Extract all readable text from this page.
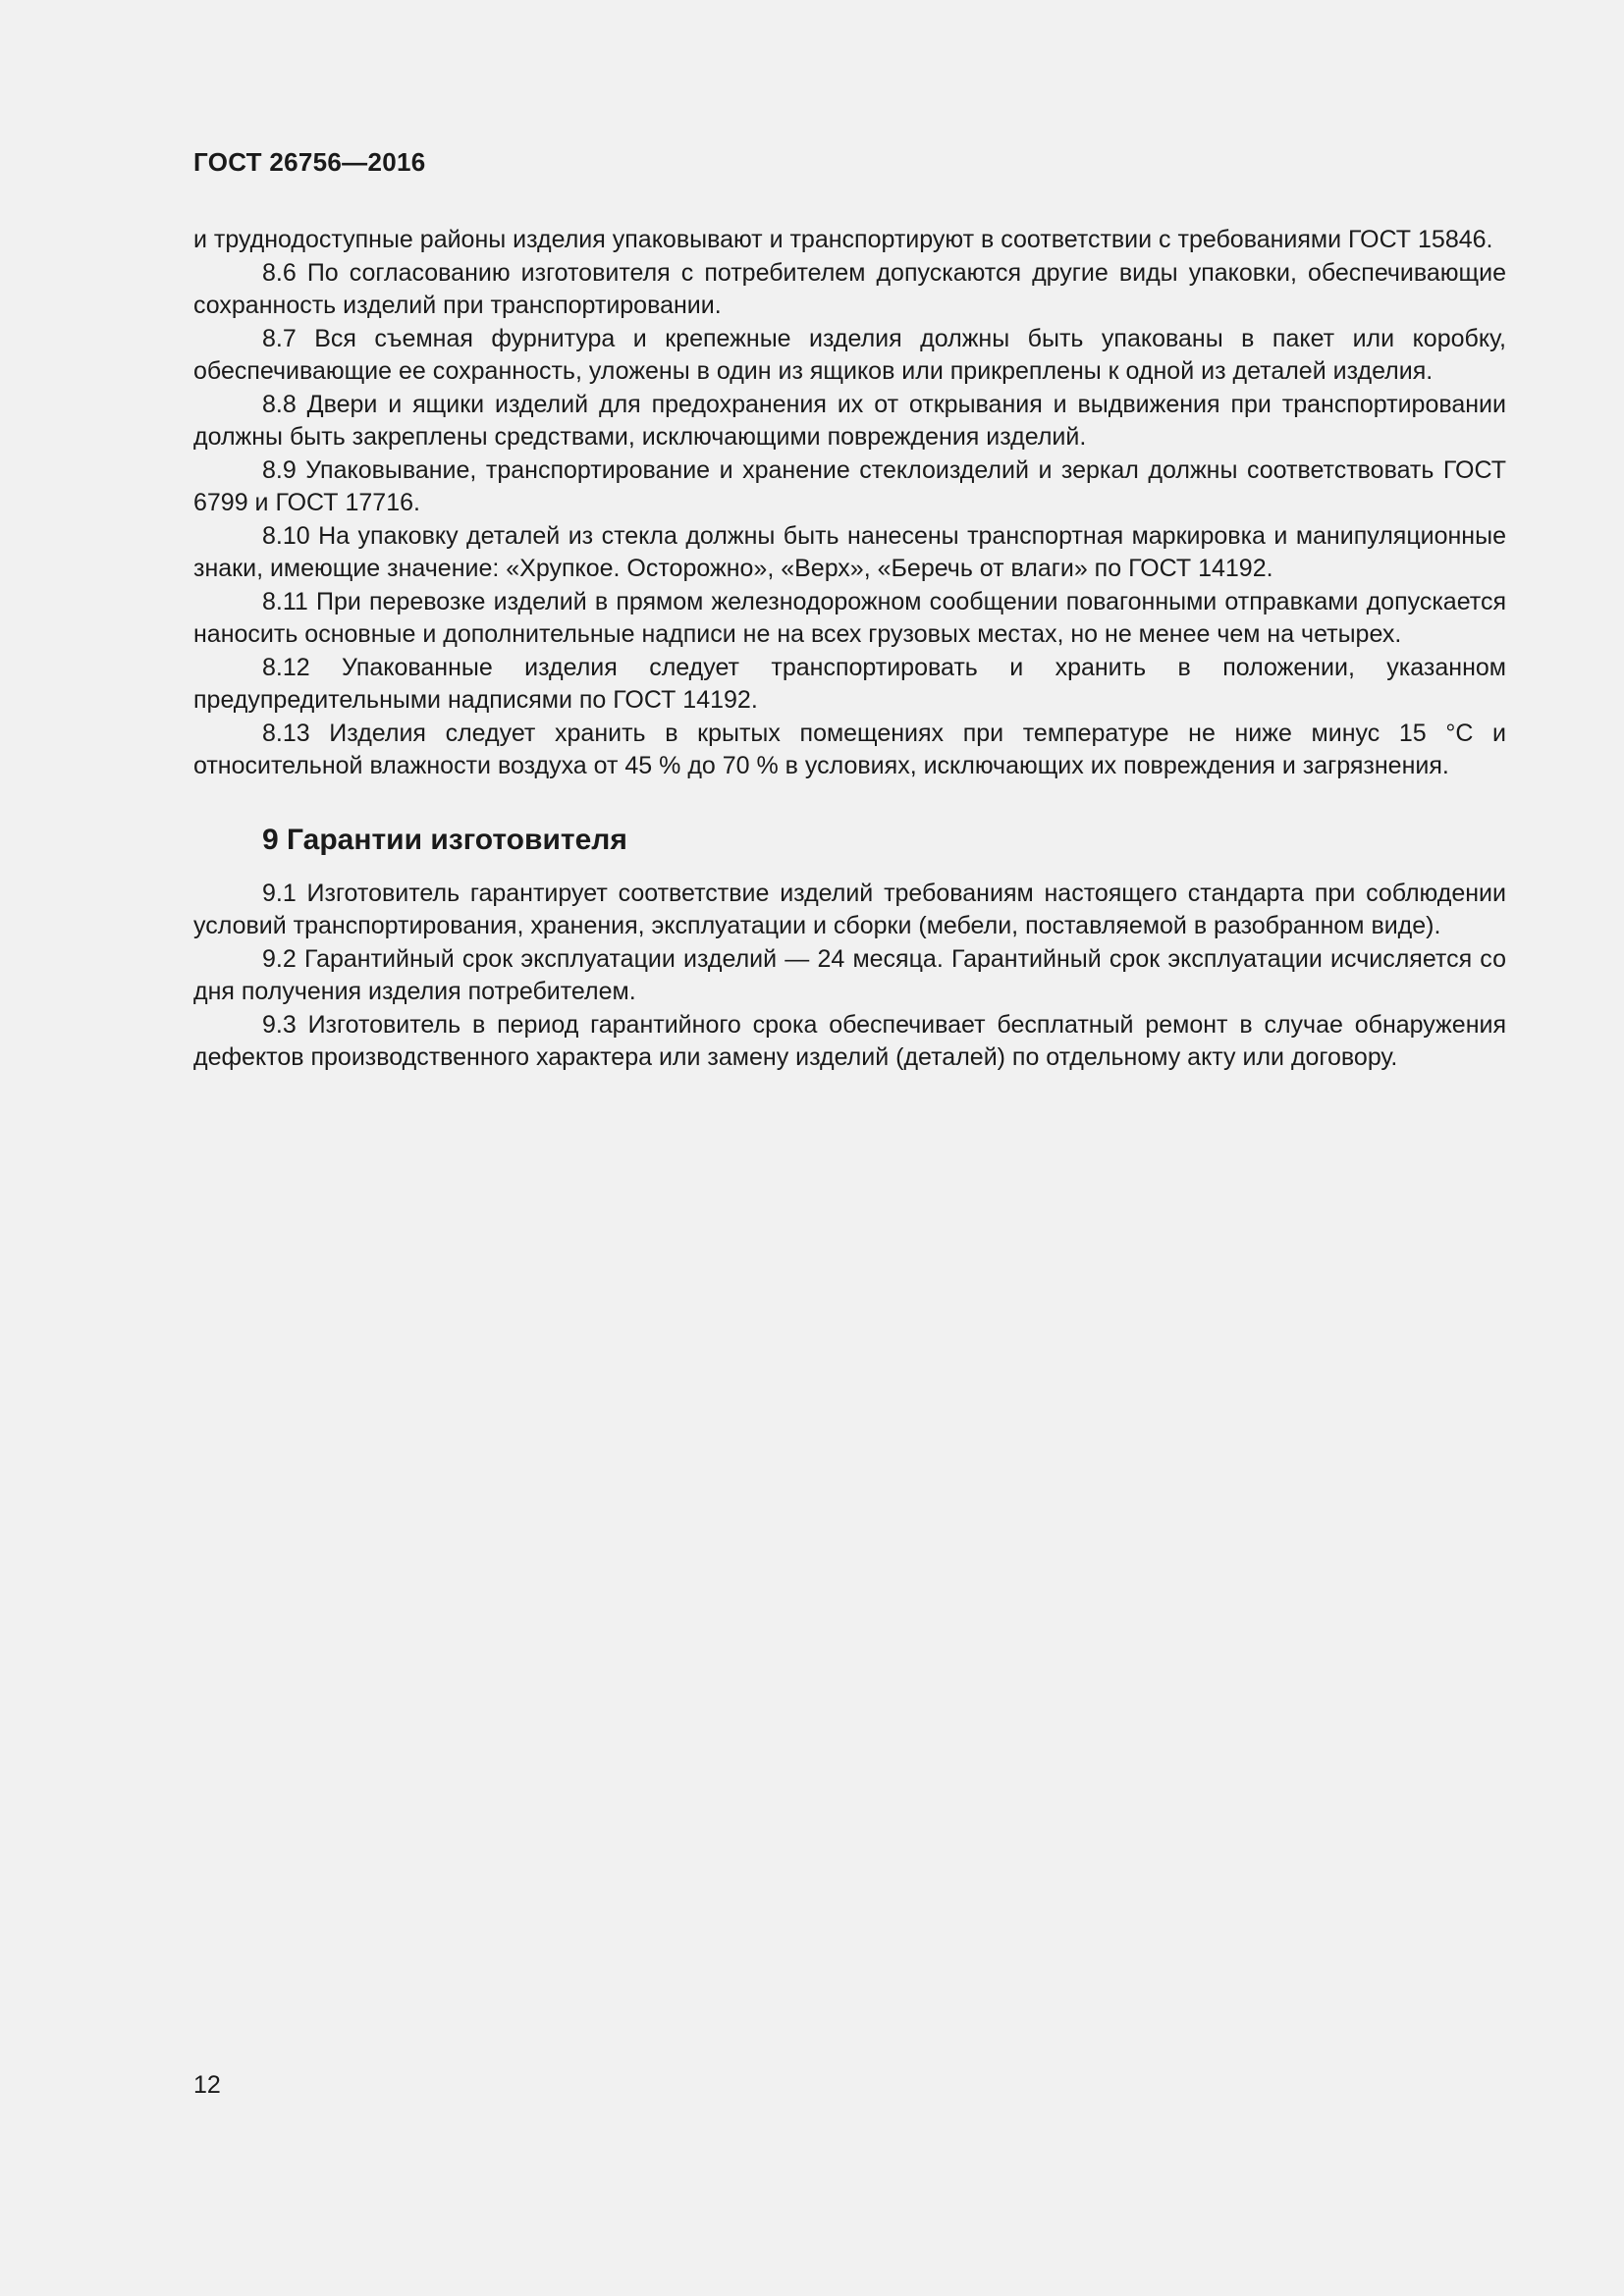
ГОСТ 26756—2016

и труднодоступные районы изделия упаковывают и транспортируют в соответствии с требованиями ГОСТ 15846.

8.6 По согласованию изготовителя с потребителем допускаются другие виды упаковки, обеспечивающие сохранность изделий при транспортировании.

8.7 Вся съемная фурнитура и крепежные изделия должны быть упакованы в пакет или коробку, обеспечивающие ее сохранность, уложены в один из ящиков или прикреплены к одной из деталей изделия.

8.8 Двери и ящики изделий для предохранения их от открывания и выдвижения при транспортировании должны быть закреплены средствами, исключающими повреждения изделий.

8.9 Упаковывание, транспортирование и хранение стеклоизделий и зеркал должны соответствовать ГОСТ 6799 и ГОСТ 17716.

8.10 На упаковку деталей из стекла должны быть нанесены транспортная маркировка и манипуляционные знаки, имеющие значение: «Хрупкое. Осторожно», «Верх», «Беречь от влаги» по ГОСТ 14192.

8.11 При перевозке изделий в прямом железнодорожном сообщении повагонными отправками допускается наносить основные и дополнительные надписи не на всех грузовых местах, но не менее чем на четырех.

8.12 Упакованные изделия следует транспортировать и хранить в положении, указанном предупредительными надписями по ГОСТ 14192.

8.13 Изделия следует хранить в крытых помещениях при температуре не ниже минус 15 °С и относительной влажности воздуха от 45 % до 70 % в условиях, исключающих их повреждения и загрязнения.

9 Гарантии изготовителя

9.1 Изготовитель гарантирует соответствие изделий требованиям настоящего стандарта при соблюдении условий транспортирования, хранения, эксплуатации и сборки (мебели, поставляемой в разобранном виде).

9.2 Гарантийный срок эксплуатации изделий — 24 месяца. Гарантийный срок эксплуатации исчисляется со дня получения изделия потребителем.

9.3 Изготовитель в период гарантийного срока обеспечивает бесплатный ремонт в случае обнаружения дефектов производственного характера или замену изделий (деталей) по отдельному акту или договору.

12
